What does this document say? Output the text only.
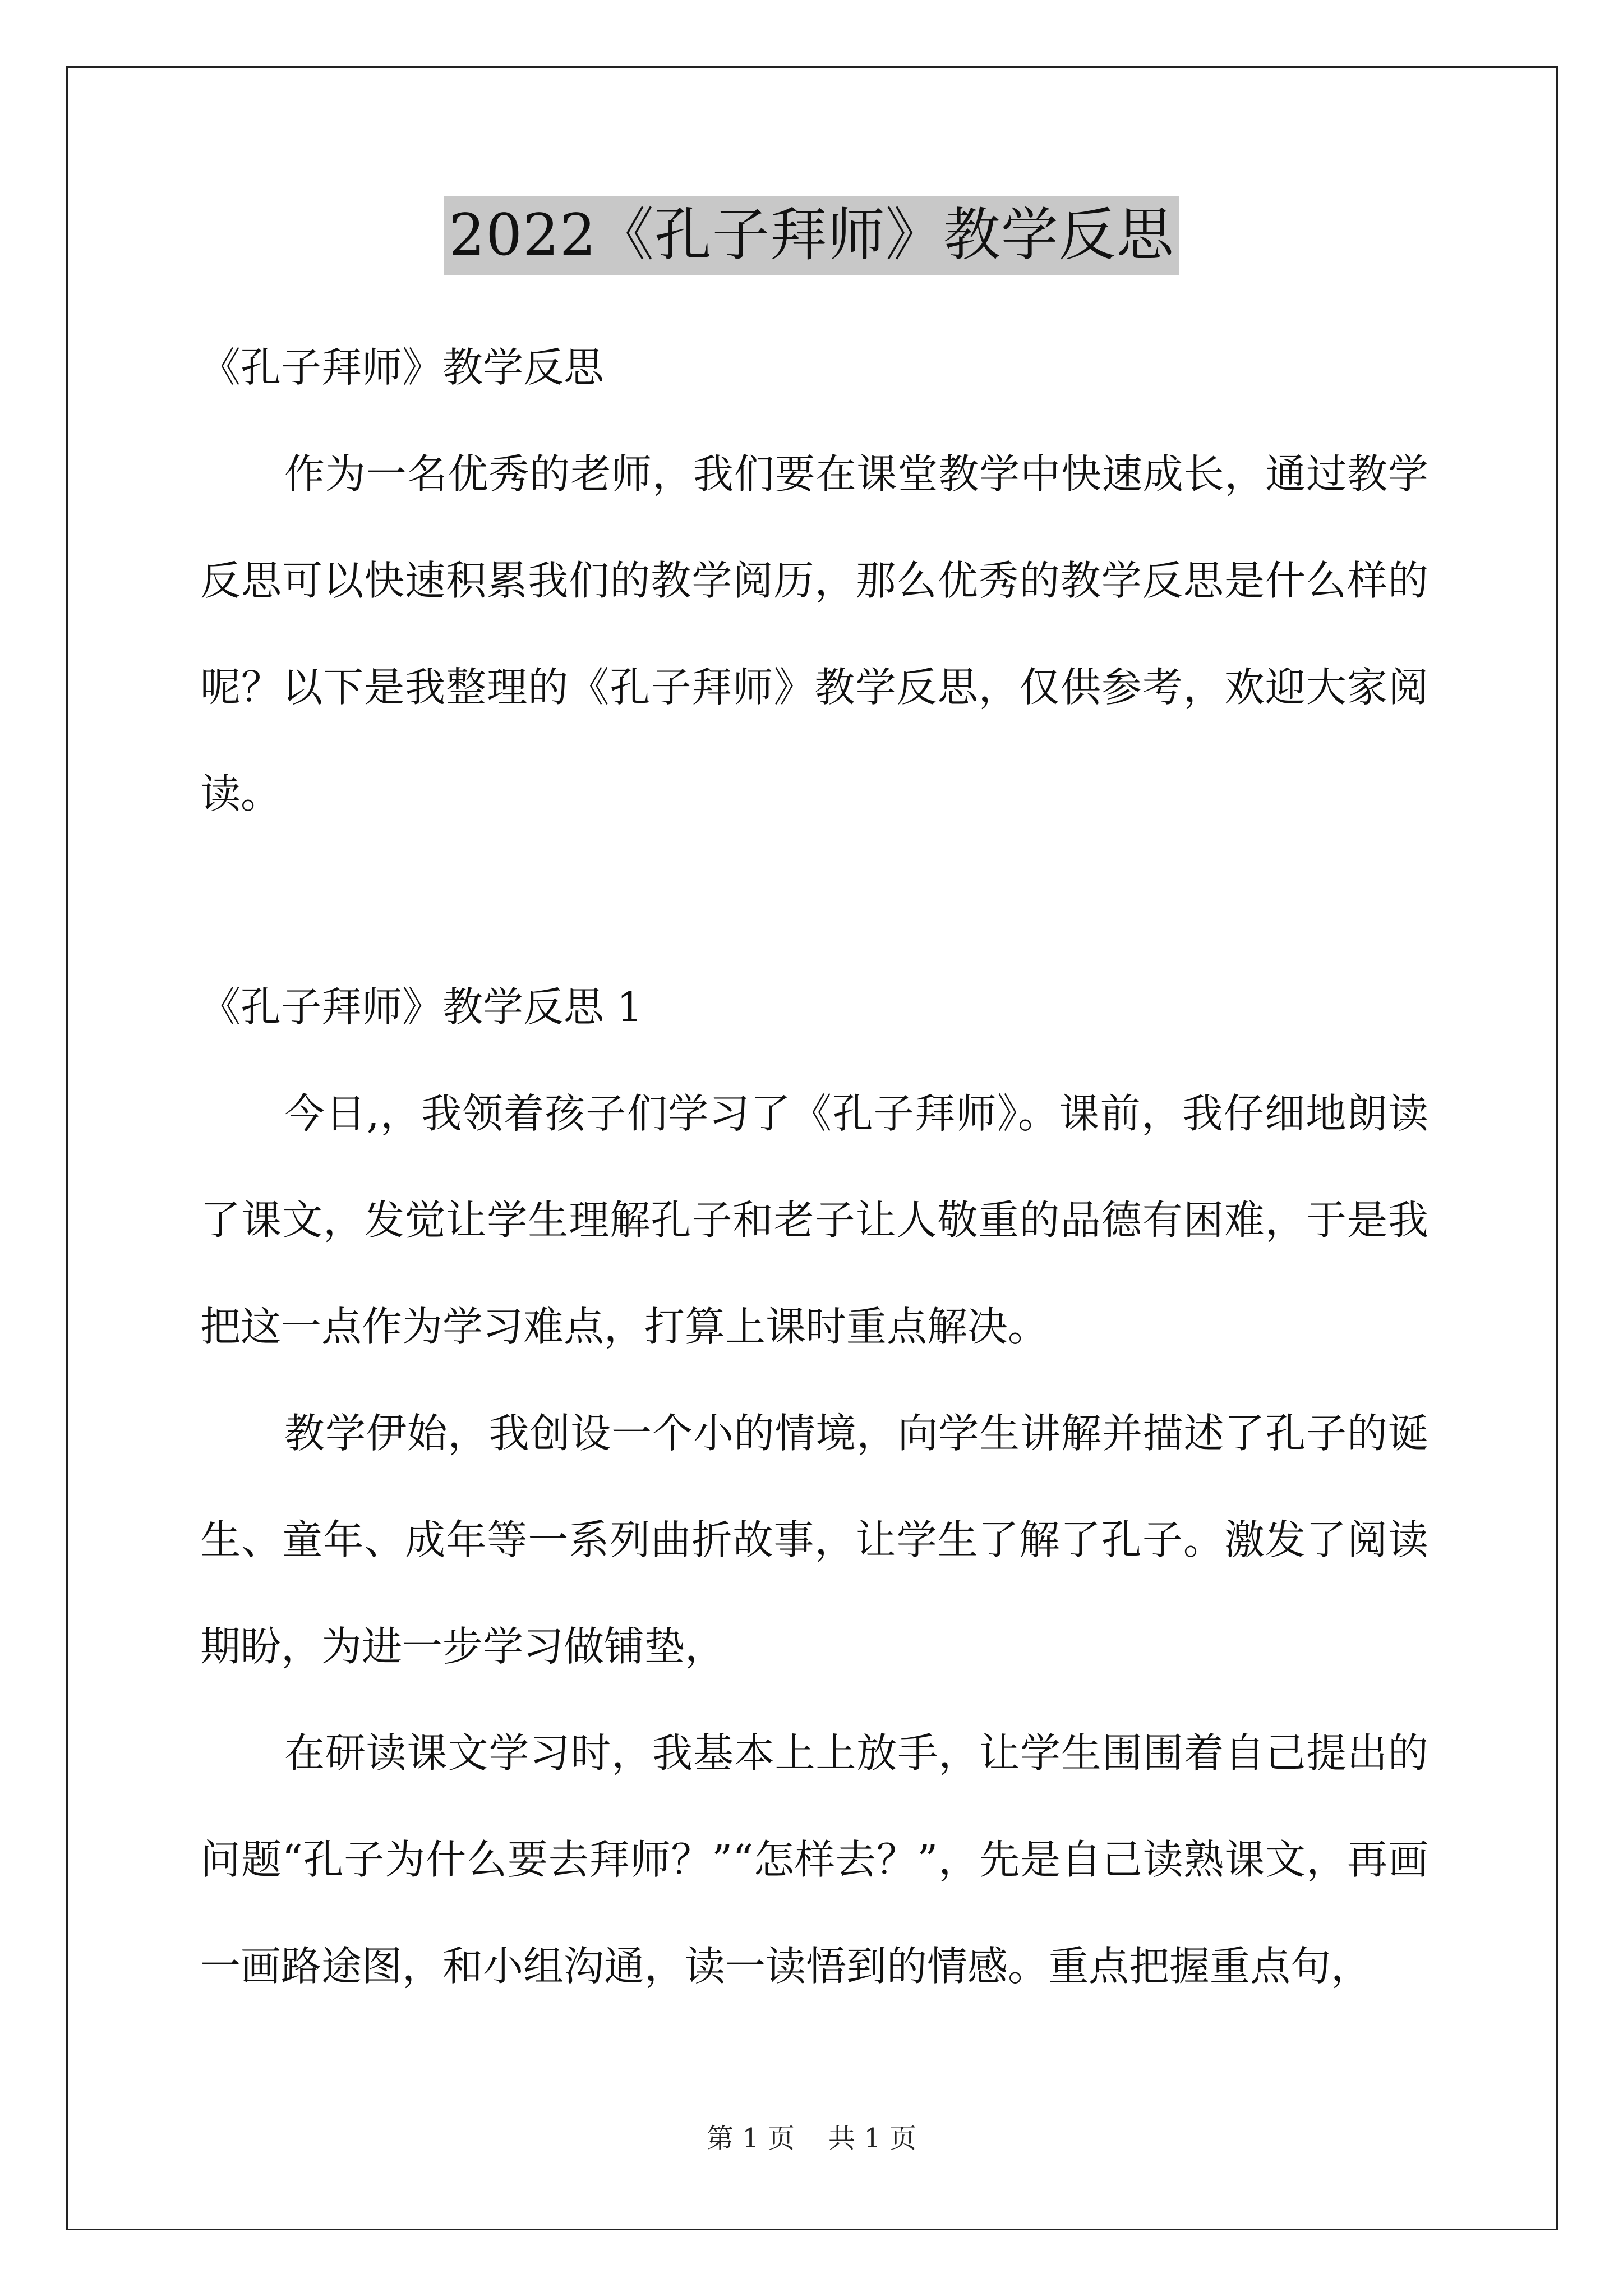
2022《孔子拜师》教学反思

《孔子拜师》教学反思

作为一名优秀的老师，我们要在课堂教学中快速成长，通过教学反思可以快速积累我们的教学阅历，那么优秀的教学反思是什么样的呢？以下是我整理的《孔子拜师》教学反思，仅供参考，欢迎大家阅读。

《孔子拜师》教学反思 1

今日,，我领着孩子们学习了《孔子拜师》。课前，我仔细地朗读了课文，发觉让学生理解孔子和老子让人敬重的品德有困难，于是我把这一点作为学习难点，打算上课时重点解决。

教学伊始，我创设一个小的情境，向学生讲解并描述了孔子的诞生、童年、成年等一系列曲折故事，让学生了解了孔子。激发了阅读期盼，为进一步学习做铺垫，

在研读课文学习时，我基本上上放手，让学生围围着自己提出的问题“孔子为什么要去拜师？”“怎样去？”，先是自己读熟课文，再画一画路途图，和小组沟通，读一读悟到的情感。重点把握重点句，

第 1 页 共 1 页
